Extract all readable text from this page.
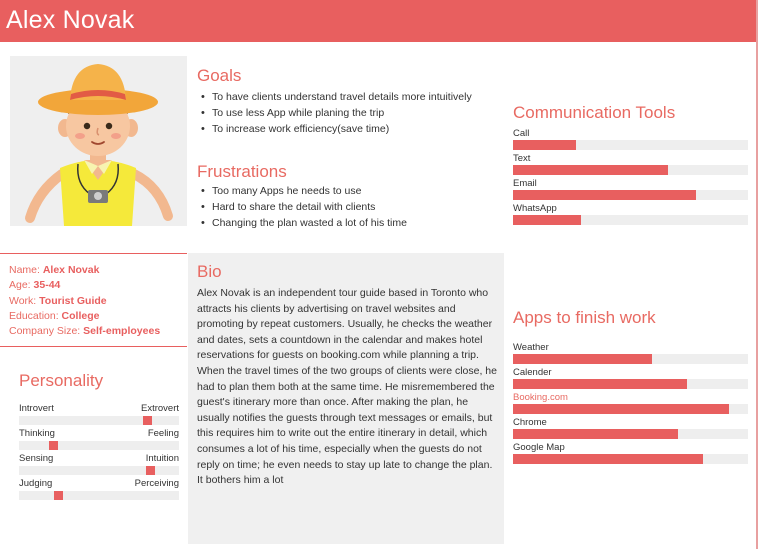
Alex Novak
Goals
• To have clients understand travel details more intuitively
• To use less App while planing the trip
• To increase work efficiency(save time)
Frustrations
• Too many Apps he needs to use
• Hard to share the detail with clients
• Changing the plan wasted a lot of his time
Name: Alex Novak
Age: 35-44
Work: Tourist Guide
Education: College
Company Size: Self-employees
Bio
Alex Novak is an independent tour guide based in Toronto who attracts his clients by advertising on travel websites and promoting by repeat customers. Usually, he checks the weather and dates, sets a countdown in the calendar and makes hotel reservations for guests on booking.com while planning a trip. When the travel times of the two groups of clients were close, he had to plan them both at the same time. He misremembered the guest's itinerary more than once. After making the plan, he usually notifies the guests through text messages or emails, but this requires him to write out the entire itinerary in detail, which consumes a lot of his time, especially when the guests do not reply on time; he even needs to stay up late to change the plan. It bothers him a lot
Personality
Introvert	Extrovert
Thinking	Feeling
Sensing	Intuition
Judging	Perceiving
Communication Tools
Call
Text
Email
WhatsApp
Apps to finish work
Weather
Calender
Booking.com
Chrome
Google Map
